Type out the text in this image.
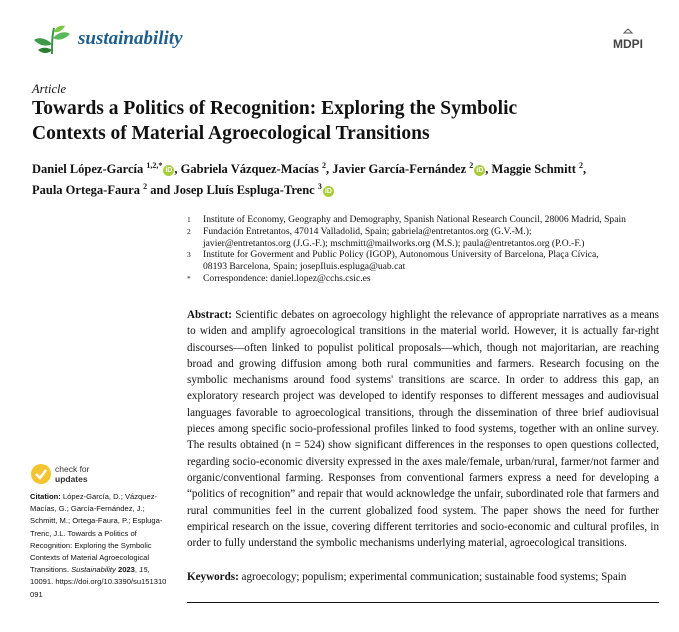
sustainability	MDPI
Article
Towards a Politics of Recognition: Exploring the Symbolic
Contexts of Material Agroecological Transitions
Daniel López-García $^{1,2,*}$iD , Gabriela Vázquez-Macías $^2$, Javier García-Fernández $^2$iD , Maggie Schmitt $^2$,
Paula Ortega-Faura $^2$ and Josep Lluís Espluga-Trenc $^3$iD
1	Institute of Economy, Geography and Demography, Spanish National Research Council, 28006 Madrid, Spain
2	Fundación Entretantos, 47014 Valladolid, Spain; gabriela@entretantos.org (G.V.-M.);
javier@entretantos.org (J.G.-F.); mschmitt@mailworks.org (M.S.); paula@entretantos.org (P.O.-F.)
3	Institute for Goverment and Public Policy (IGOP), Autonomous University of Barcelona, Plaça Cívica,
08193 Barcelona, Spain; josepIluis.espluga@uab.cat
*	Correspondence: daniel.lopez@cchs.csic.es
Abstract: Scientific debates on agroecology highlight the relevance of appropriate narratives as a means to widen and amplify agroecological transitions in the material world. However, it is actually far-right discourses—often linked to populist political proposals—which, though not majoritarian, are reaching broad and growing diffusion among both rural communities and farmers. Research focusing on the symbolic mechanisms around food systems' transitions are scarce. In order to address this gap, an exploratory research project was developed to identify responses to different messages and audiovisual languages favorable to agroecological transitions, through the dissemination of three brief audiovisual pieces among specific socio-professional profiles linked to food systems, together with an online survey. The results obtained (n = 524) show significant differences in the responses to open questions collected, regarding socio-economic diversity expressed in the axes male/female, urban/rural, farmer/not farmer and organic/conventional farming. Responses from conventional farmers express a need for developing a “politics of recognition” and repair that would acknowledge the unfair, subordinated role that farmers and rural communities feel in the current globalized food system. The paper shows the need for further empirical research on the issue, covering different territories and socio-economic and cultural profiles, in order to fully understand the symbolic mechanisms underlying material, agroecological transitions.
Keywords: agroecology; populism; experimental communication; sustainable food systems; Spain
check for
updates
Citation: López-García, D.; Vázquez-Macías, G.; García-Fernández, J.; Schmitt, M.; Ortega-Faura, P.; Espluga-Trenc, J.L. Towards a Politics of Recognition: Exploring the Symbolic Contexts of Material Agroecological Transitions. Sustainability 2023, 15, 10091. https://doi.org/10.3390/su151310091
